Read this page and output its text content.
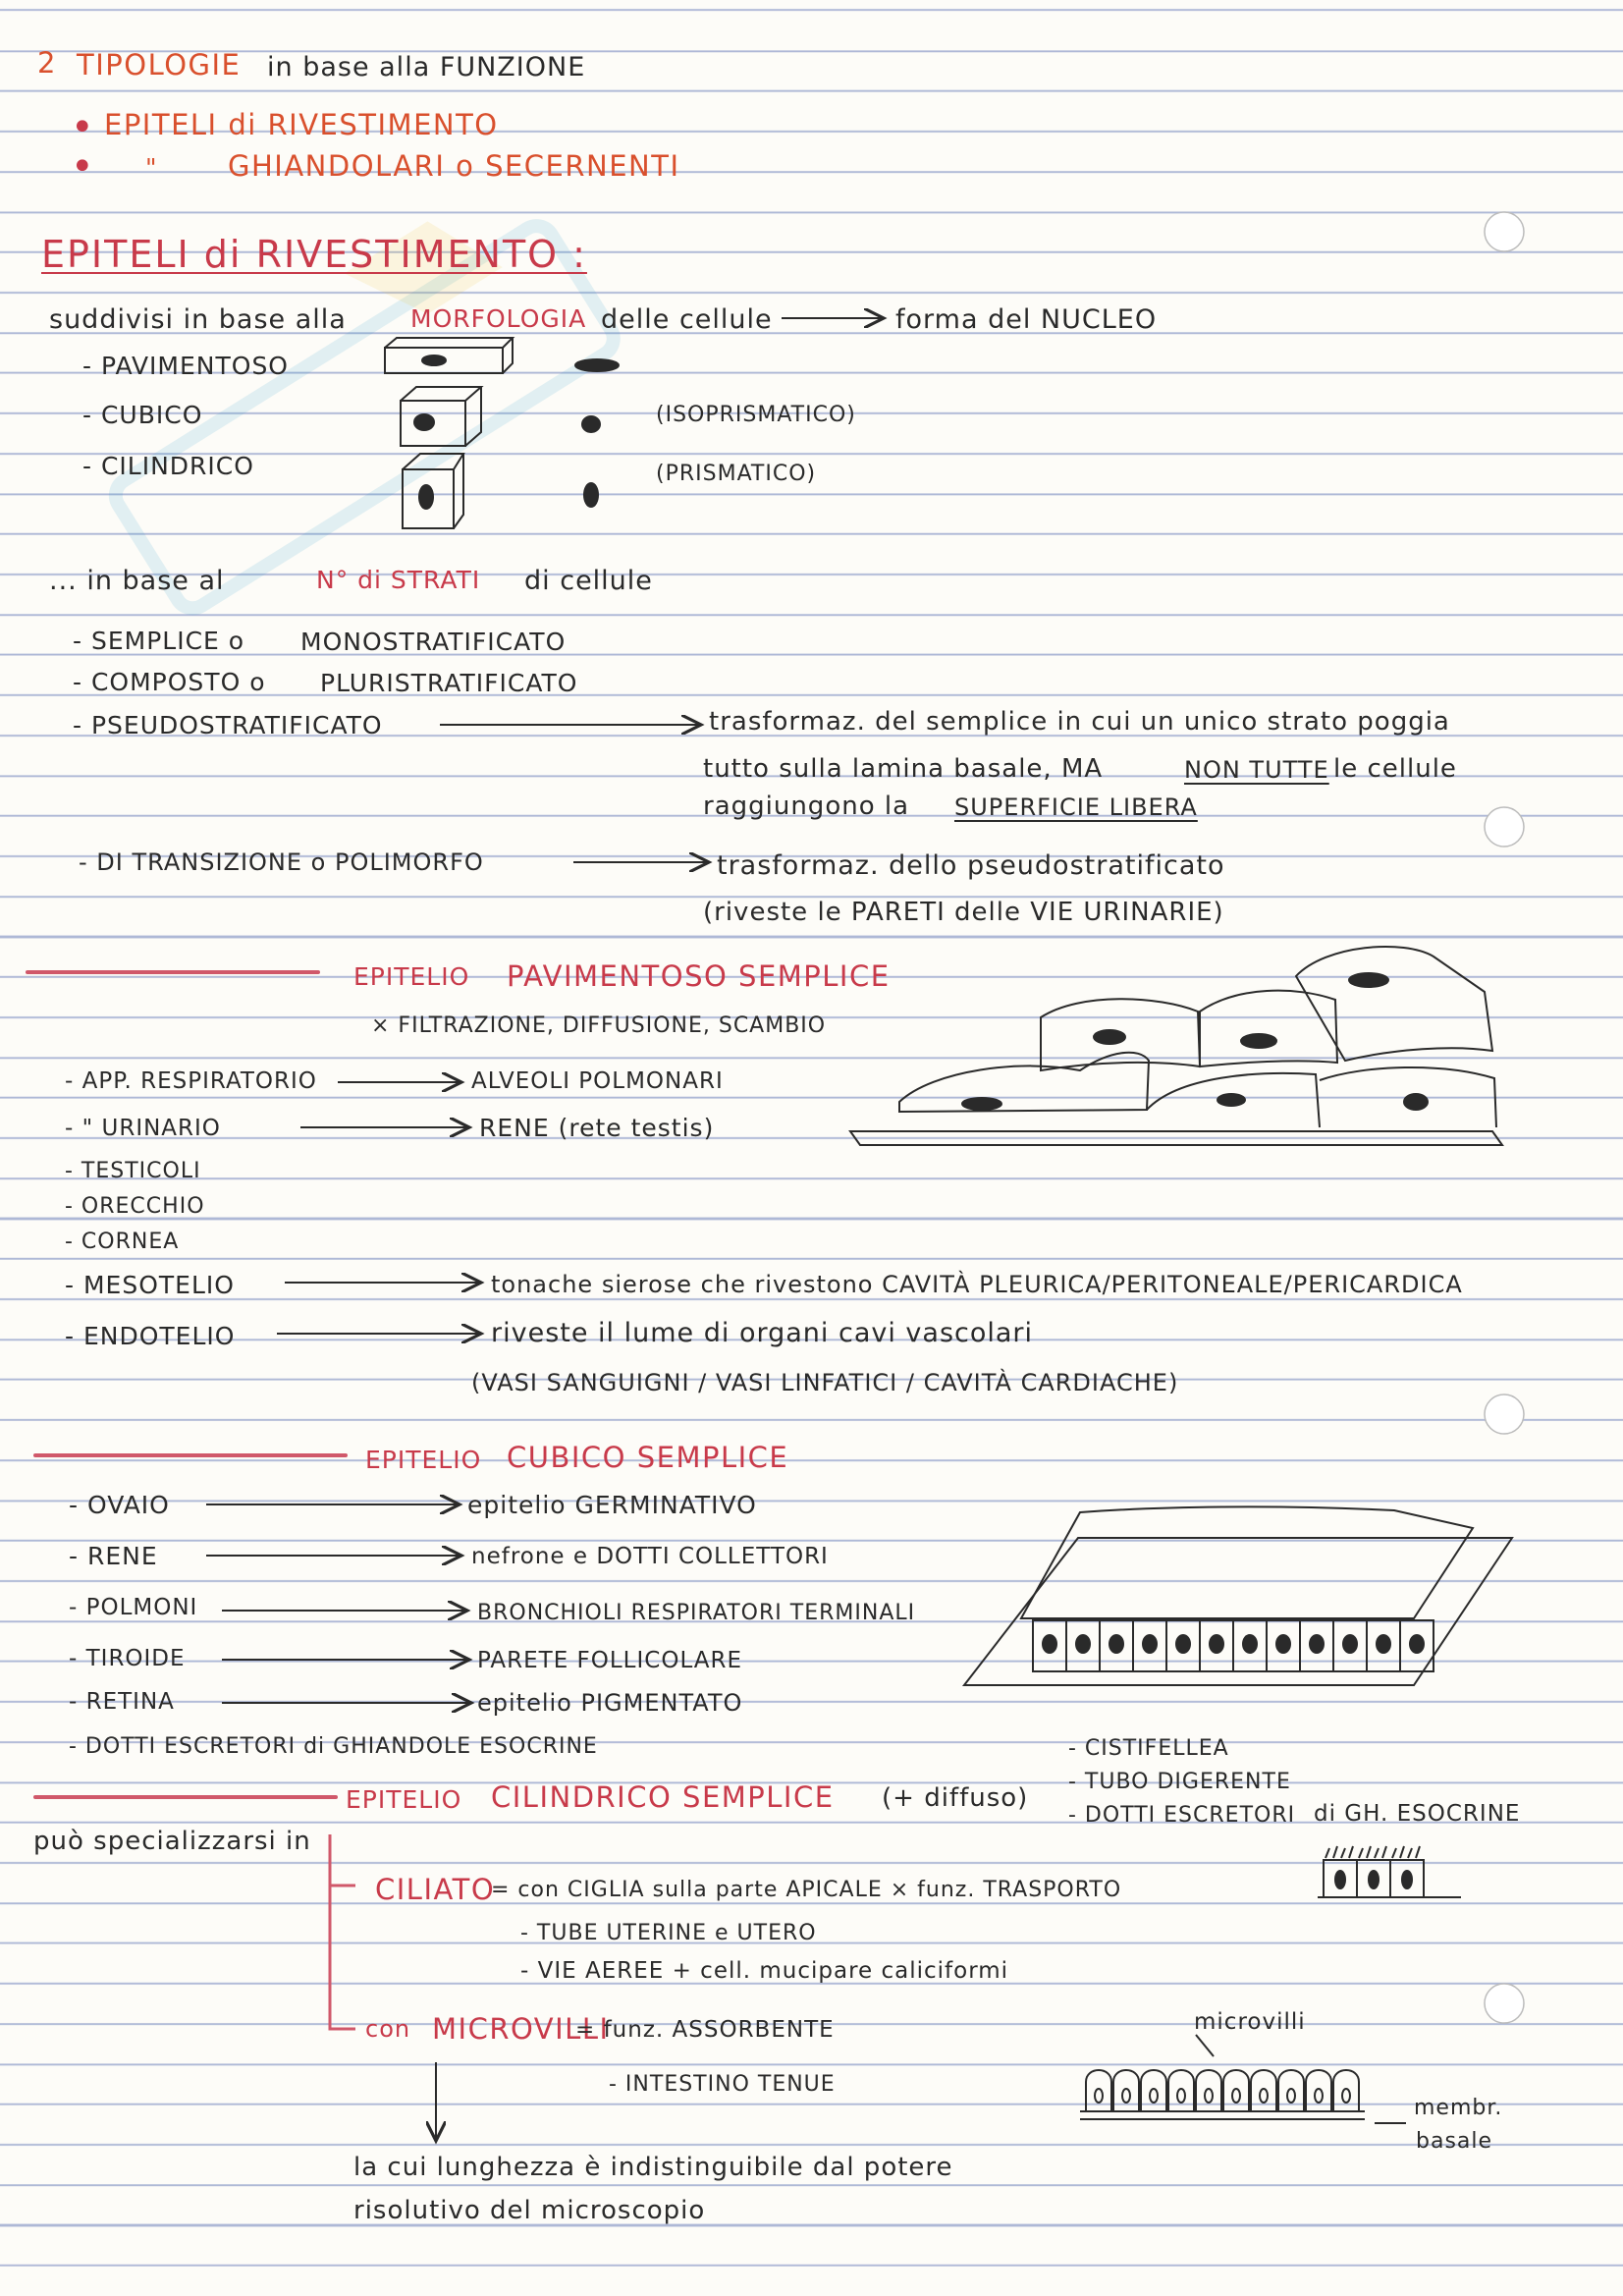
2 TIPOLOGIE in base alla FUNZIONE
• EPITELI di RIVESTIMENTO
• " GHIANDOLARI o SECERNENTI
EPITELI di RIVESTIMENTO :
suddivisi in base alla	MORFOLOGIA delle cellule	forma del NUCLEO
- PAVIMENTOSO
- CUBICO	(ISOPRISMATICO)
- CILINDRICO	(PRISMATICO)
... in base al	N° di STRATI di cellule
- SEMPLICE o MONOSTRATIFICATO
- COMPOSTO o PLURISTRATIFICATO
- PSEUDOSTRATIFICATO	trasformaz. del semplice in cui un unico strato poggia
tutto sulla lamina basale, MA	NON TUTTE le cellule
raggiungono la SUPERFICIE LIBERA
- DI TRANSIZIONE o POLIMORFO	trasformaz. dello pseudostratificato
(riveste le PARETI delle VIE URINARIE)
EPITELIO PAVIMENTOSO SEMPLICE
× FILTRAZIONE, DIFFUSIONE, SCAMBIO
- APP. RESPIRATORIO	ALVEOLI POLMONARI
- " URINARIO	RENE (rete testis)
- TESTICOLI
- ORECCHIO
- CORNEA
- MESOTELIO	tonache sierose che rivestono CAVITÀ PLEURICA/PERITONEALE/PERICARDICA
- ENDOTELIO	riveste il lume di organi cavi vascolari
(VASI SANGUIGNI / VASI LINFATICI / CAVITÀ CARDIACHE)
EPITELIO CUBICO SEMPLICE
- OVAIO	epitelio GERMINATIVO
- RENE	nefrone e DOTTI COLLETTORI
- POLMONI	BRONCHIOLI RESPIRATORI TERMINALI
- TIROIDE	PARETE FOLLICOLARE
- RETINA	epitelio PIGMENTATO
- DOTTI ESCRETORI di GHIANDOLE ESOCRINE	- CISTIFELLEA
- TUBO DIGERENTE
- DOTTI ESCRETORI di GH. ESOCRINE
EPITELIO CILINDRICO SEMPLICE (+ diffuso)
può specializzarsi in
CILIATO
= con CIGLIA sulla parte APICALE × funz. TRASPORTO
- TUBE UTERINE e UTERO
- VIE AEREE + cell. mucipare caliciformi
con MICROVILLI
= funz. ASSORBENTE
- INTESTINO TENUE
microvilli
membr.
basale
la cui lunghezza è indistinguibile dal potere
risolutivo del microscopio
